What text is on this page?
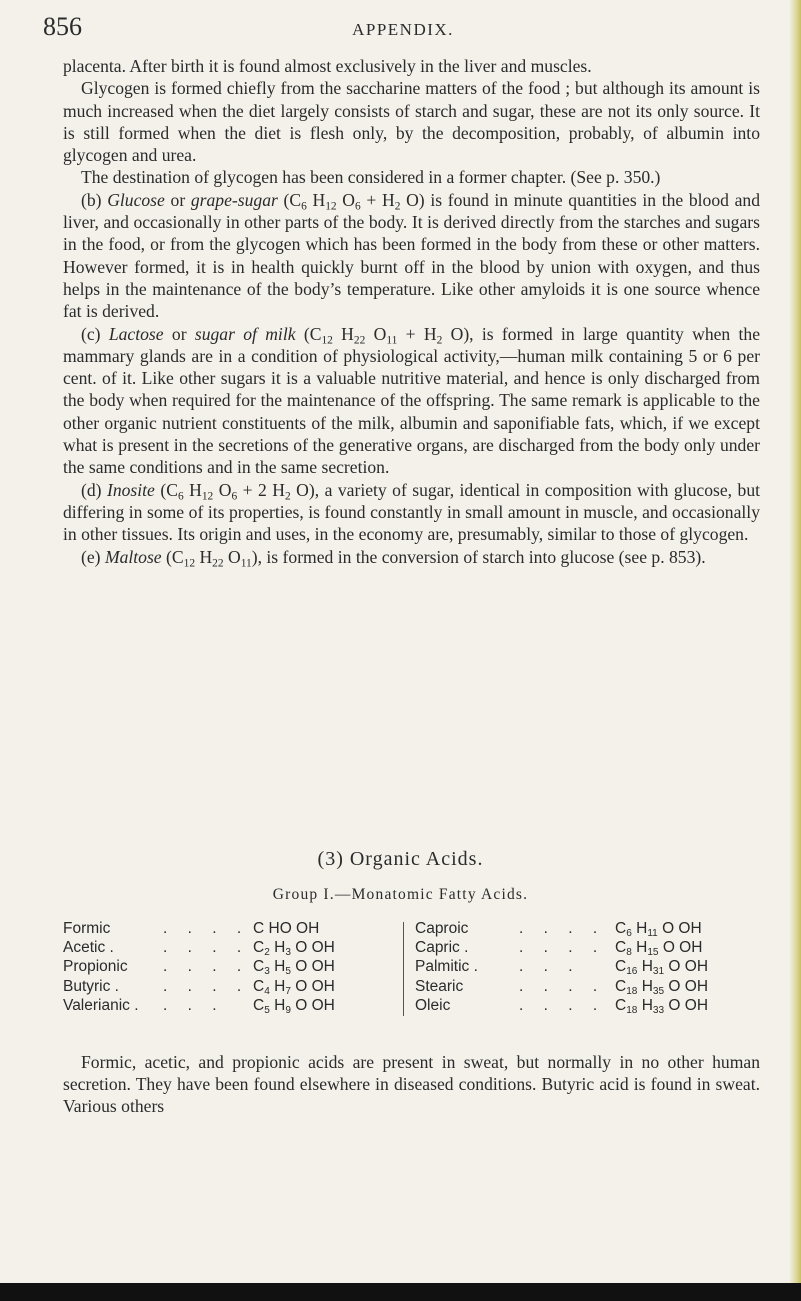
856	APPENDIX.

placenta. After birth it is found almost exclusively in the liver and muscles.

Glycogen is formed chiefly from the saccharine matters of the food ; but although its amount is much increased when the diet largely consists of starch and sugar, these are not its only source. It is still formed when the diet is flesh only, by the decomposition, probably, of albumin into glycogen and urea.

The destination of glycogen has been considered in a former chapter. (See p. 350.)

(b) Glucose or grape-sugar ($C_6$ $H_{12}$ $O_6 + H_2$ O) is found in minute quantities in the blood and liver, and occasionally in other parts of the body. It is derived directly from the starches and sugars in the food, or from the glycogen which has been formed in the body from these or other matters. However formed, it is in health quickly burnt off in the blood by union with oxygen, and thus helps in the maintenance of the body’s temperature. Like other amyloids it is one source whence fat is derived.

(c) Lactose or sugar of milk ($C_{12}$ $H_{22}$ $O_{11} + H_2$ O), is formed in large quantity when the mammary glands are in a condition of physiological activity,—human milk containing 5 or 6 per cent. of it. Like other sugars it is a valuable nutritive material, and hence is only discharged from the body when required for the maintenance of the offspring. The same remark is applicable to the other organic nutrient constituents of the milk, albumin and saponifiable fats, which, if we except what is present in the secretions of the generative organs, are discharged from the body only under the same conditions and in the same secretion.

(d) Inosite ($C_6$ $H_{12}$ $O_6 + 2$ $H_2$ O), a variety of sugar, identical in composition with glucose, but differing in some of its properties, is found constantly in small amount in muscle, and occasionally in other tissues. Its origin and uses, in the economy are, presumably, similar to those of glycogen.

(e) Maltose ($C_{12}$ $H_{22}$ $O_{11}$), is formed in the conversion of starch into glucose (see p. 853).

(3) Organic Acids.
Group I.—Monatomic Fatty Acids.
Formic	. . . . C HO OH
Acetic .	. . . . $C_2$ $H_3$ O OH
Propionic . . . . $C_3$ $H_5$ O OH
Butyric .	. . . . $C_4$ $H_7$ O OH
Valerianic . . . . $C_5$ $H_9$ O OH
Caproic	. . . . $C_6$ $H_{11}$ O OH
Capric .	. . . . $C_8$ $H_{15}$ O OH
Palmitic .	. . . $C_{16}$ $H_{31}$ O OH
Stearic	. . . . $C_{18}$ $H_{35}$ O OH
Oleic	. . . . $C_{18}$ $H_{33}$ O OH

Formic, acetic, and propionic acids are present in sweat, but normally in no other human secretion. They have been found elsewhere in diseased conditions. Butyric acid is found in sweat. Various others
